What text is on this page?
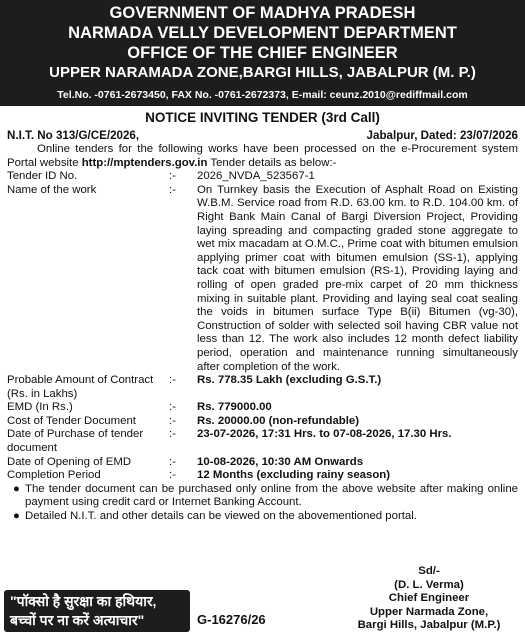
GOVERNMENT OF MADHYA PRADESH
NARMADA VELLY DEVELOPMENT DEPARTMENT
OFFICE OF THE CHIEF ENGINEER
UPPER NARAMADA ZONE,BARGI HILLS, JABALPUR (M. P.)
Tel.No. -0761-2673450, FAX No. -0761-2672373, E-mail: ceunz.2010@rediffmail.com
NOTICE INVITING TENDER (3rd Call)
N.I.T. No 313/G/CE/2026,	Jabalpur, Dated: 23/07/2026
Online tenders for the following works have been processed on the e-Procurement system Portal website http://mptenders.gov.in Tender details as below:-
Tender ID No.	:-	2026_NVDA_523567-1
Name of the work	:-	On Turnkey basis the Execution of Asphalt Road on Existing W.B.M. Service road from R.D. 63.00 km. to R.D. 104.00 km. of Right Bank Main Canal of Bargi Diversion Project, Providing laying spreading and compacting graded stone aggregate to wet mix macadam at O.M.C., Prime coat with bitumen emulsion applying primer coat with bitumen emulsion (SS-1), applying tack coat with bitumen emulsion (RS-1), Providing laying and rolling of open graded pre-mix carpet of 20 mm thickness mixing in suitable plant. Providing and laying seal coat sealing the voids in bitumen surface Type B(ii) Bitumen (vg-30), Construction of solder with selected soil having CBR value not less than 12. The work also includes 12 month defect liability period, operation and maintenance running simultaneously after completion of the work.
Probable Amount of Contract (Rs. in Lakhs)
:-	Rs. 778.35 Lakh (excluding G.S.T.)
EMD (In Rs.)	:-	Rs. 779000.00
Cost of Tender Document	:-	Rs. 20000.00 (non-refundable)
Date of Purchase of tender document
:-	23-07-2026, 17:31 Hrs. to 07-08-2026, 17.30 Hrs.
Date of Opening of EMD	:-	10-08-2026, 10:30 AM Onwards
Completion Period	:-	12 Months (excluding rainy season)
● The tender document can be purchased only online from the above website after making online payment using credit card or Internet Banking Account.
● Detailed N.I.T. and other details can be viewed on the abovementioned portal.
Sd/-
(D. L. Verma)
Chief Engineer
Upper Narmada Zone,
Bargi Hills, Jabalpur (M.P.)
"पॉक्सो है सुरक्षा का हथियार,
बच्चों पर ना करें अत्याचार"	G-16276/26
